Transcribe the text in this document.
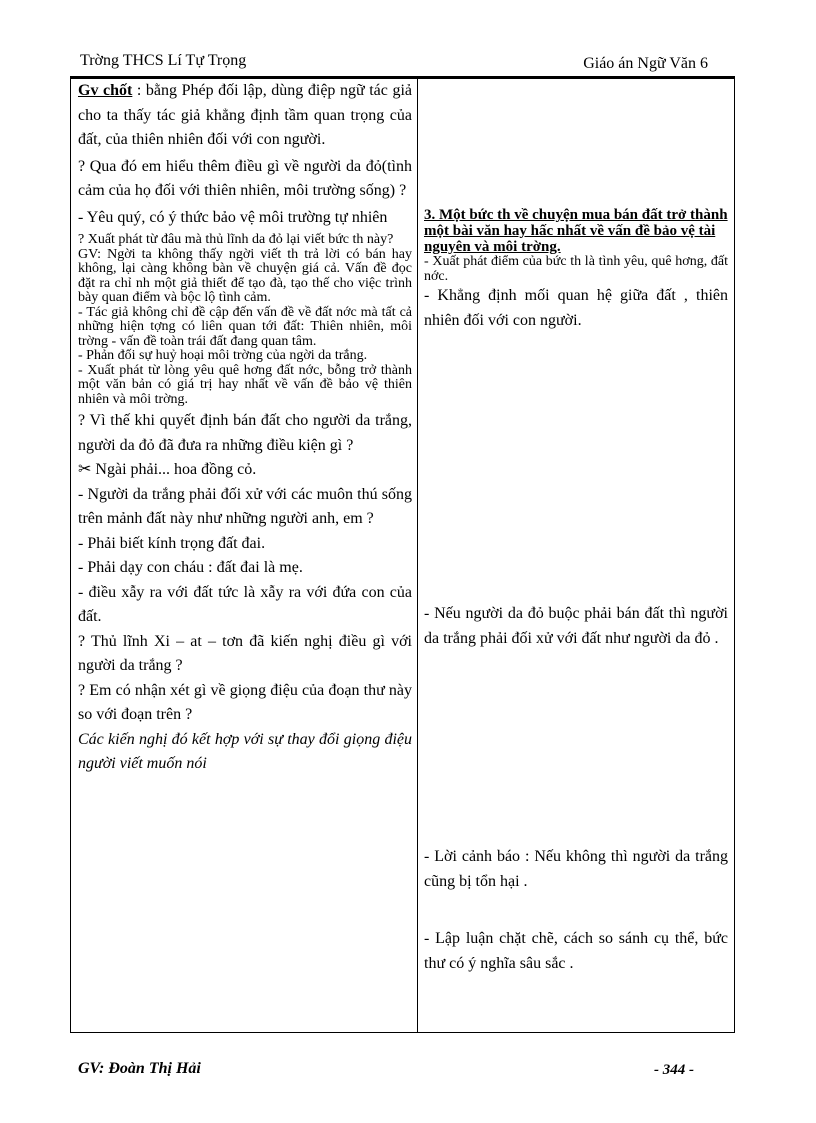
Trờng THCS Lí Tự Trọng	Giáo án Ngữ Văn 6

Gv chốt : bằng Phép đối lập, dùng điệp ngữ tác giả cho ta thấy tác giả khẳng định tầm quan trọng của đất, của thiên nhiên đối với con người.

? Qua đó em hiểu thêm điều gì về người da đỏ(tình cảm của họ đối với thiên nhiên, môi trường sống) ?

- Yêu quý, có ý thức bảo vệ môi trường tự nhiên

? Xuất phát từ đâu mà thủ lĩnh da đỏ lại viết bức th này?

GV: Ngời ta không thấy ngời viết th trả lời có bán hay không, lại càng không bàn về chuyện giá cả. Vấn đề đọc đặt ra chỉ nh một giả thiết để tạo đà, tạo thế cho việc trình bày quan điểm và bộc lộ tình cảm.

- Tác giả không chỉ đề cập đến vấn đề về đất nớc mà tất cả những hiện tợng có liên quan tới đất: Thiên nhiên, môi trờng - vấn đề toàn trái đất đang quan tâm.

- Phản đối sự huỷ hoại môi trờng của ngời da trắng.

- Xuất phát từ lòng yêu quê hơng đất nớc, bỗng trở thành một văn bản có giá trị hay nhất về vấn đề bảo vệ thiên nhiên và môi trờng.

? Vì thế khi quyết định bán đất cho người da trắng, người da đỏ đã đưa ra những điều kiện gì ?

✂ Ngài phải... hoa đồng cỏ.

- Người da trắng phải đối xử với các muôn thú sống trên mảnh đất này như những người anh, em ?

- Phải biết kính trọng đất đai.

- Phải dạy con cháu : đất đai là mẹ.

- điều xẫy ra với đất tức là xẫy ra với đứa con của đất.

? Thủ lĩnh Xi – at – tơn đã kiến nghị điều gì với người da trắng ?

? Em có nhận xét gì về giọng điệu của đoạn thư này so với đoạn trên ?

Các kiến nghị đó kết hợp với sự thay đổi giọng điệu người viết muốn nói

3. Một bức th về chuyện mua bán đất trở thành một bài văn hay hấc nhất về vấn đề bảo vệ tài nguyên và môi trờng.

- Xuất phát điểm của bức th là tình yêu, quê hơng, đất nớc.

- Khẳng định mối quan hệ giữa đất , thiên nhiên đối với con người.

- Nếu người da đỏ buộc phải bán đất thì người da trắng phải đối xử với đất như người da đỏ .

- Lời cảnh báo : Nếu không thì người da trắng cũng bị tổn hại .

- Lập luận chặt chẽ, cách so sánh cụ thể, bức thư có ý nghĩa sâu sắc .

GV: Đoàn Thị Hải	- 344 -
